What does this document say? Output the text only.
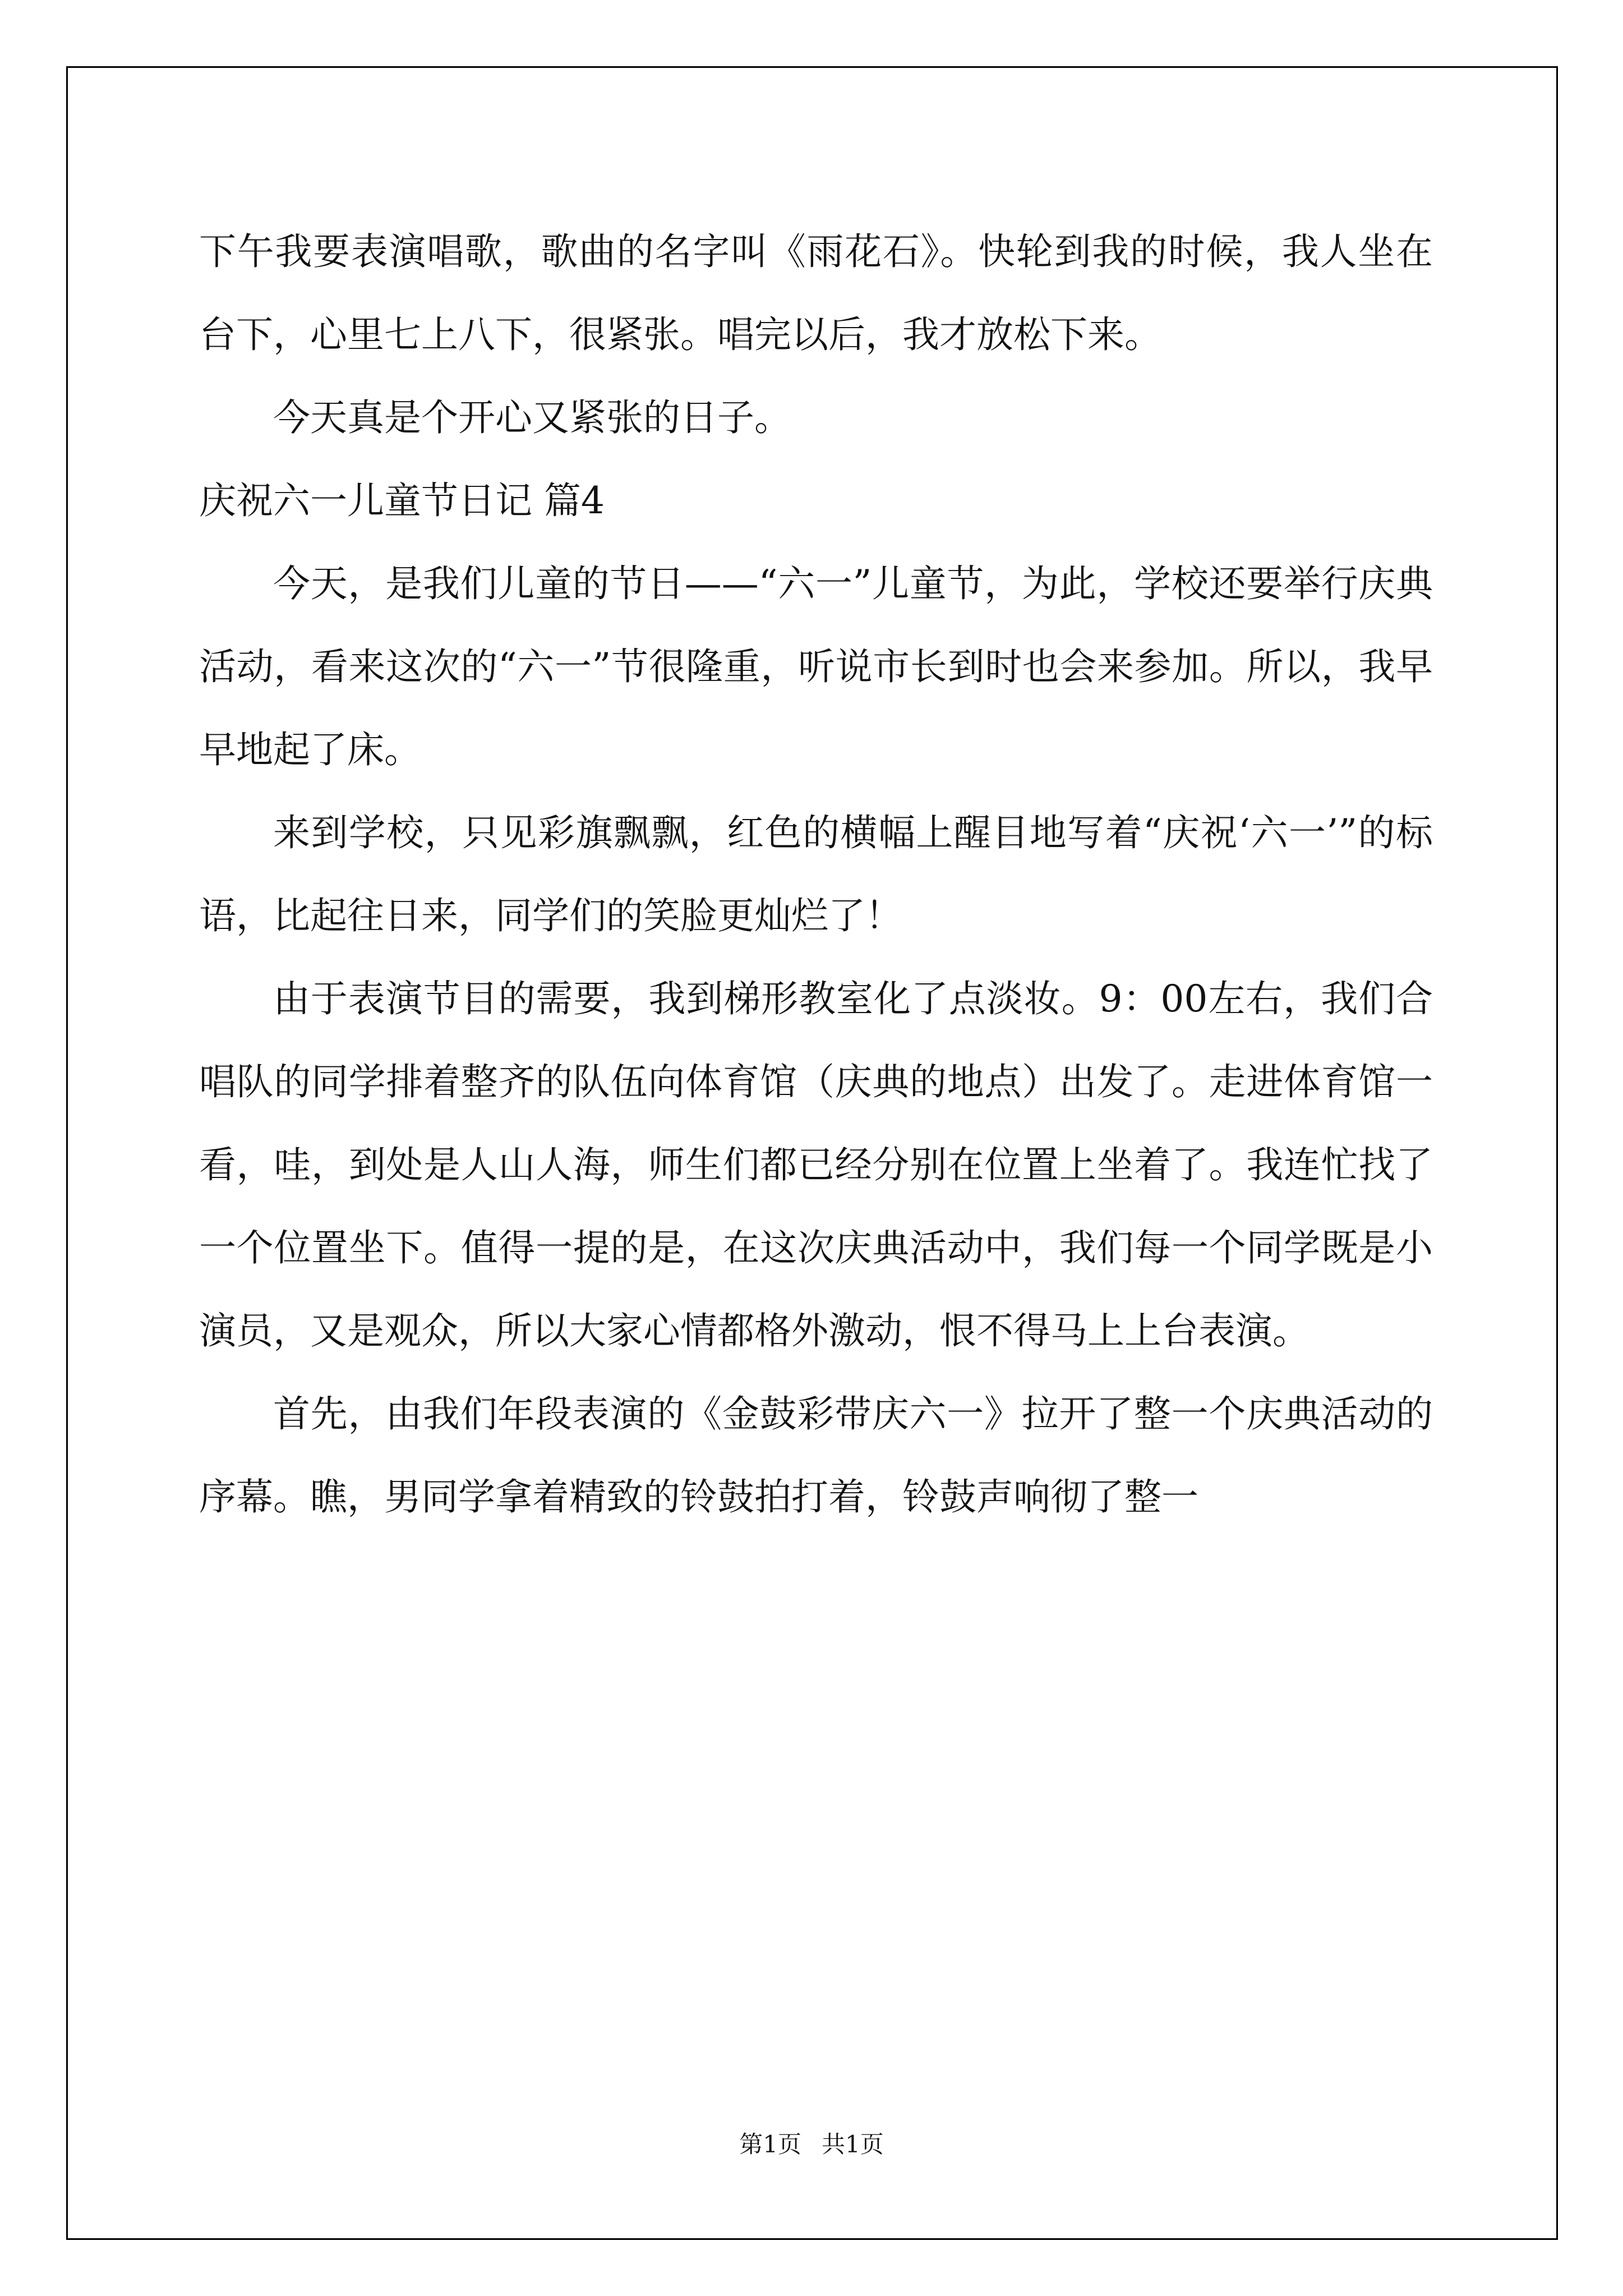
下午我要表演唱歌，歌曲的名字叫《雨花石》。快轮到我的时候，我人坐在台下，心里七上八下，很紧张。唱完以后，我才放松下来。

今天真是个开心又紧张的日子。

庆祝六一儿童节日记 篇4

今天，是我们儿童的节日——“六一”儿童节，为此，学校还要举行庆典活动，看来这次的“六一”节很隆重，听说市长到时也会来参加。所以，我早早地起了床。

来到学校，只见彩旗飘飘，红色的横幅上醒目地写着“庆祝‘六一’”的标语，比起往日来，同学们的笑脸更灿烂了！

由于表演节目的需要，我到梯形教室化了点淡妆。9：00左右，我们合唱队的同学排着整齐的队伍向体育馆（庆典的地点）出发了。走进体育馆一看，哇，到处是人山人海，师生们都已经分别在位置上坐着了。我连忙找了一个位置坐下。值得一提的是，在这次庆典活动中，我们每一个同学既是小演员，又是观众，所以大家心情都格外激动，恨不得马上上台表演。

首先，由我们年段表演的《金鼓彩带庆六一》拉开了整一个庆典活动的序幕。瞧，男同学拿着精致的铃鼓拍打着，铃鼓声响彻了整一

第1页 共1页
